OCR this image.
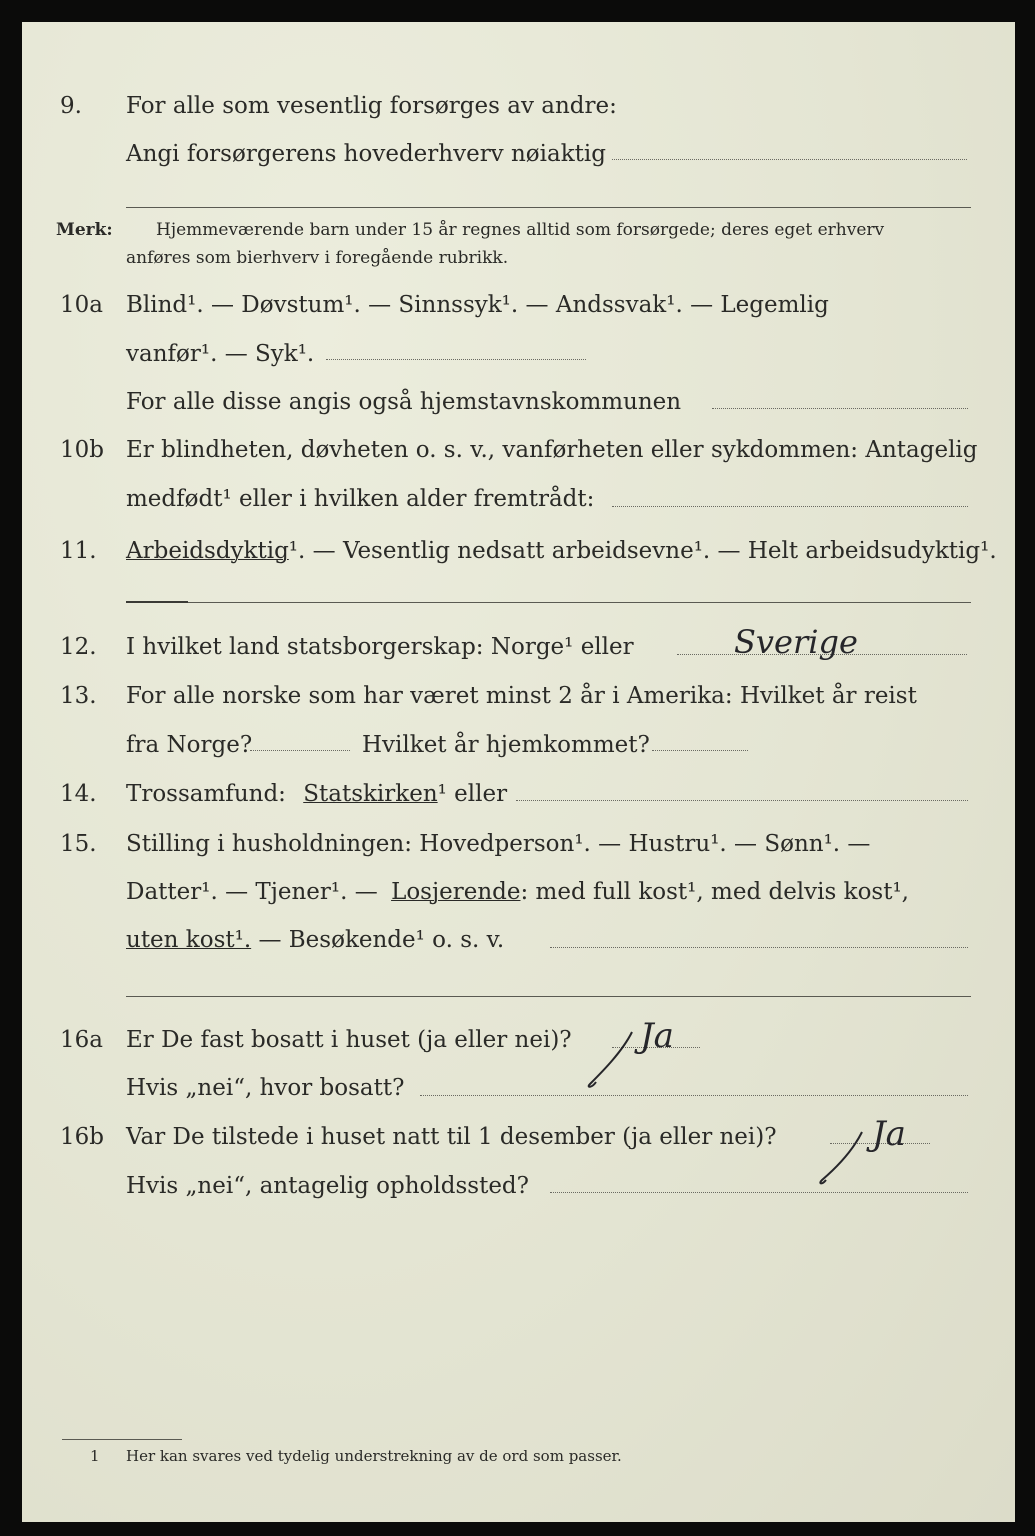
9. For alle som vesentlig forsørges av andre:
Angi forsørgerens hovederhverv nøiaktig
Merk:	Hjemmeværende barn under 15 år regnes alltid som forsørgede; deres eget erhverv
anføres som bierhverv i foregående rubrikk.
10a Blind¹. — Døvstum¹. — Sinnssyk¹. — Andssvak¹. — Legemlig
vanfør¹. — Syk¹.
For alle disse angis også hjemstavnskommunen
10b Er blindheten, døvheten o. s. v., vanførheten eller sykdommen: Antagelig
medfødt¹ eller i hvilken alder fremtrådt:
11. Arbeidsdyktig¹. — Vesentlig nedsatt arbeidsevne¹. — Helt arbeidsudyktig¹.
12. I hvilket land statsborgerskap: Norge¹ eller	Sverige
13. For alle norske som har været minst 2 år i Amerika: Hvilket år reist
fra Norge?	Hvilket år hjemkommet?
14. Trossamfund: Statskirken¹ eller
15. Stilling i husholdningen: Hovedperson¹. — Hustru¹. — Sønn¹. —
Datter¹. — Tjener¹. — Losjerende: med full kost¹, med delvis kost¹,
uten kost¹. — Besøkende¹ o. s. v.
16a Er De fast bosatt i huset (ja eller nei)? Ja
Hvis „nei“, hvor bosatt?
16b Var De tilstede i huset natt til 1 desember (ja eller nei)?	Ja
Hvis „nei“, antagelig opholdssted?
1 Her kan svares ved tydelig understrekning av de ord som passer.
